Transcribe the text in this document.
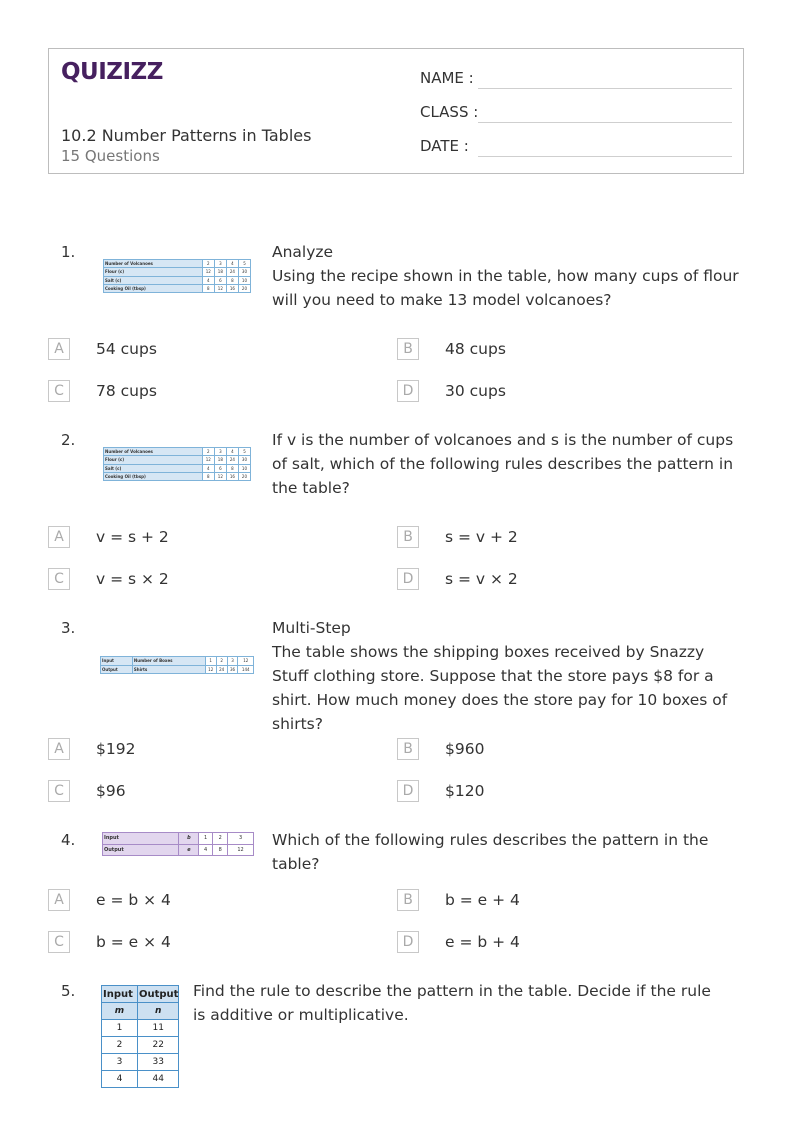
QUIZIZZ
10.2 Number Patterns in Tables
15 Questions
NAME :
CLASS :
DATE :
1.
Number of Volcanoes	2	3	4	5
Flour (c)	12	18	24	30
Salt (c)	4	6	8	10
Cooking Oil (tbsp)	8	12	16	20
Analyze
Using the recipe shown in the table, how many cups of flour will you need to make 13 model volcanoes?
A	54 cups	B	48 cups
C	78 cups	D	30 cups
2.
Number of Volcanoes	2	3	4	5
Flour (c)	12	18	24	30
Salt (c)	4	6	8	10
Cooking Oil (tbsp)	8	12	16	20
If v is the number of volcanoes and s is the number of cups of salt, which of the following rules describes the pattern in the table?
A	v = s + 2	B	s = v + 2
C	v = s × 2	D	s = v × 2
3.
Input	Number of Boxes	1	2	3	12
Output	Shirts	12	24	36	144
Multi-Step
The table shows the shipping boxes received by Snazzy Stuff clothing store. Suppose that the store pays $8 for a shirt. How much money does the store pay for 10 boxes of shirts?
A	$192	B	$960
C	$96	D	$120
4.	Input	b	1	2	3
Output	e	4	8	12
Which of the following rules describes the pattern in the table?
A	e = b × 4	B	b = e + 4
C	b = e × 4	D	e = b + 4
5.	Input	Output
m	n
1	11
2	22
3	33
4	44
Find the rule to describe the pattern in the table. Decide if the rule is additive or multiplicative.
